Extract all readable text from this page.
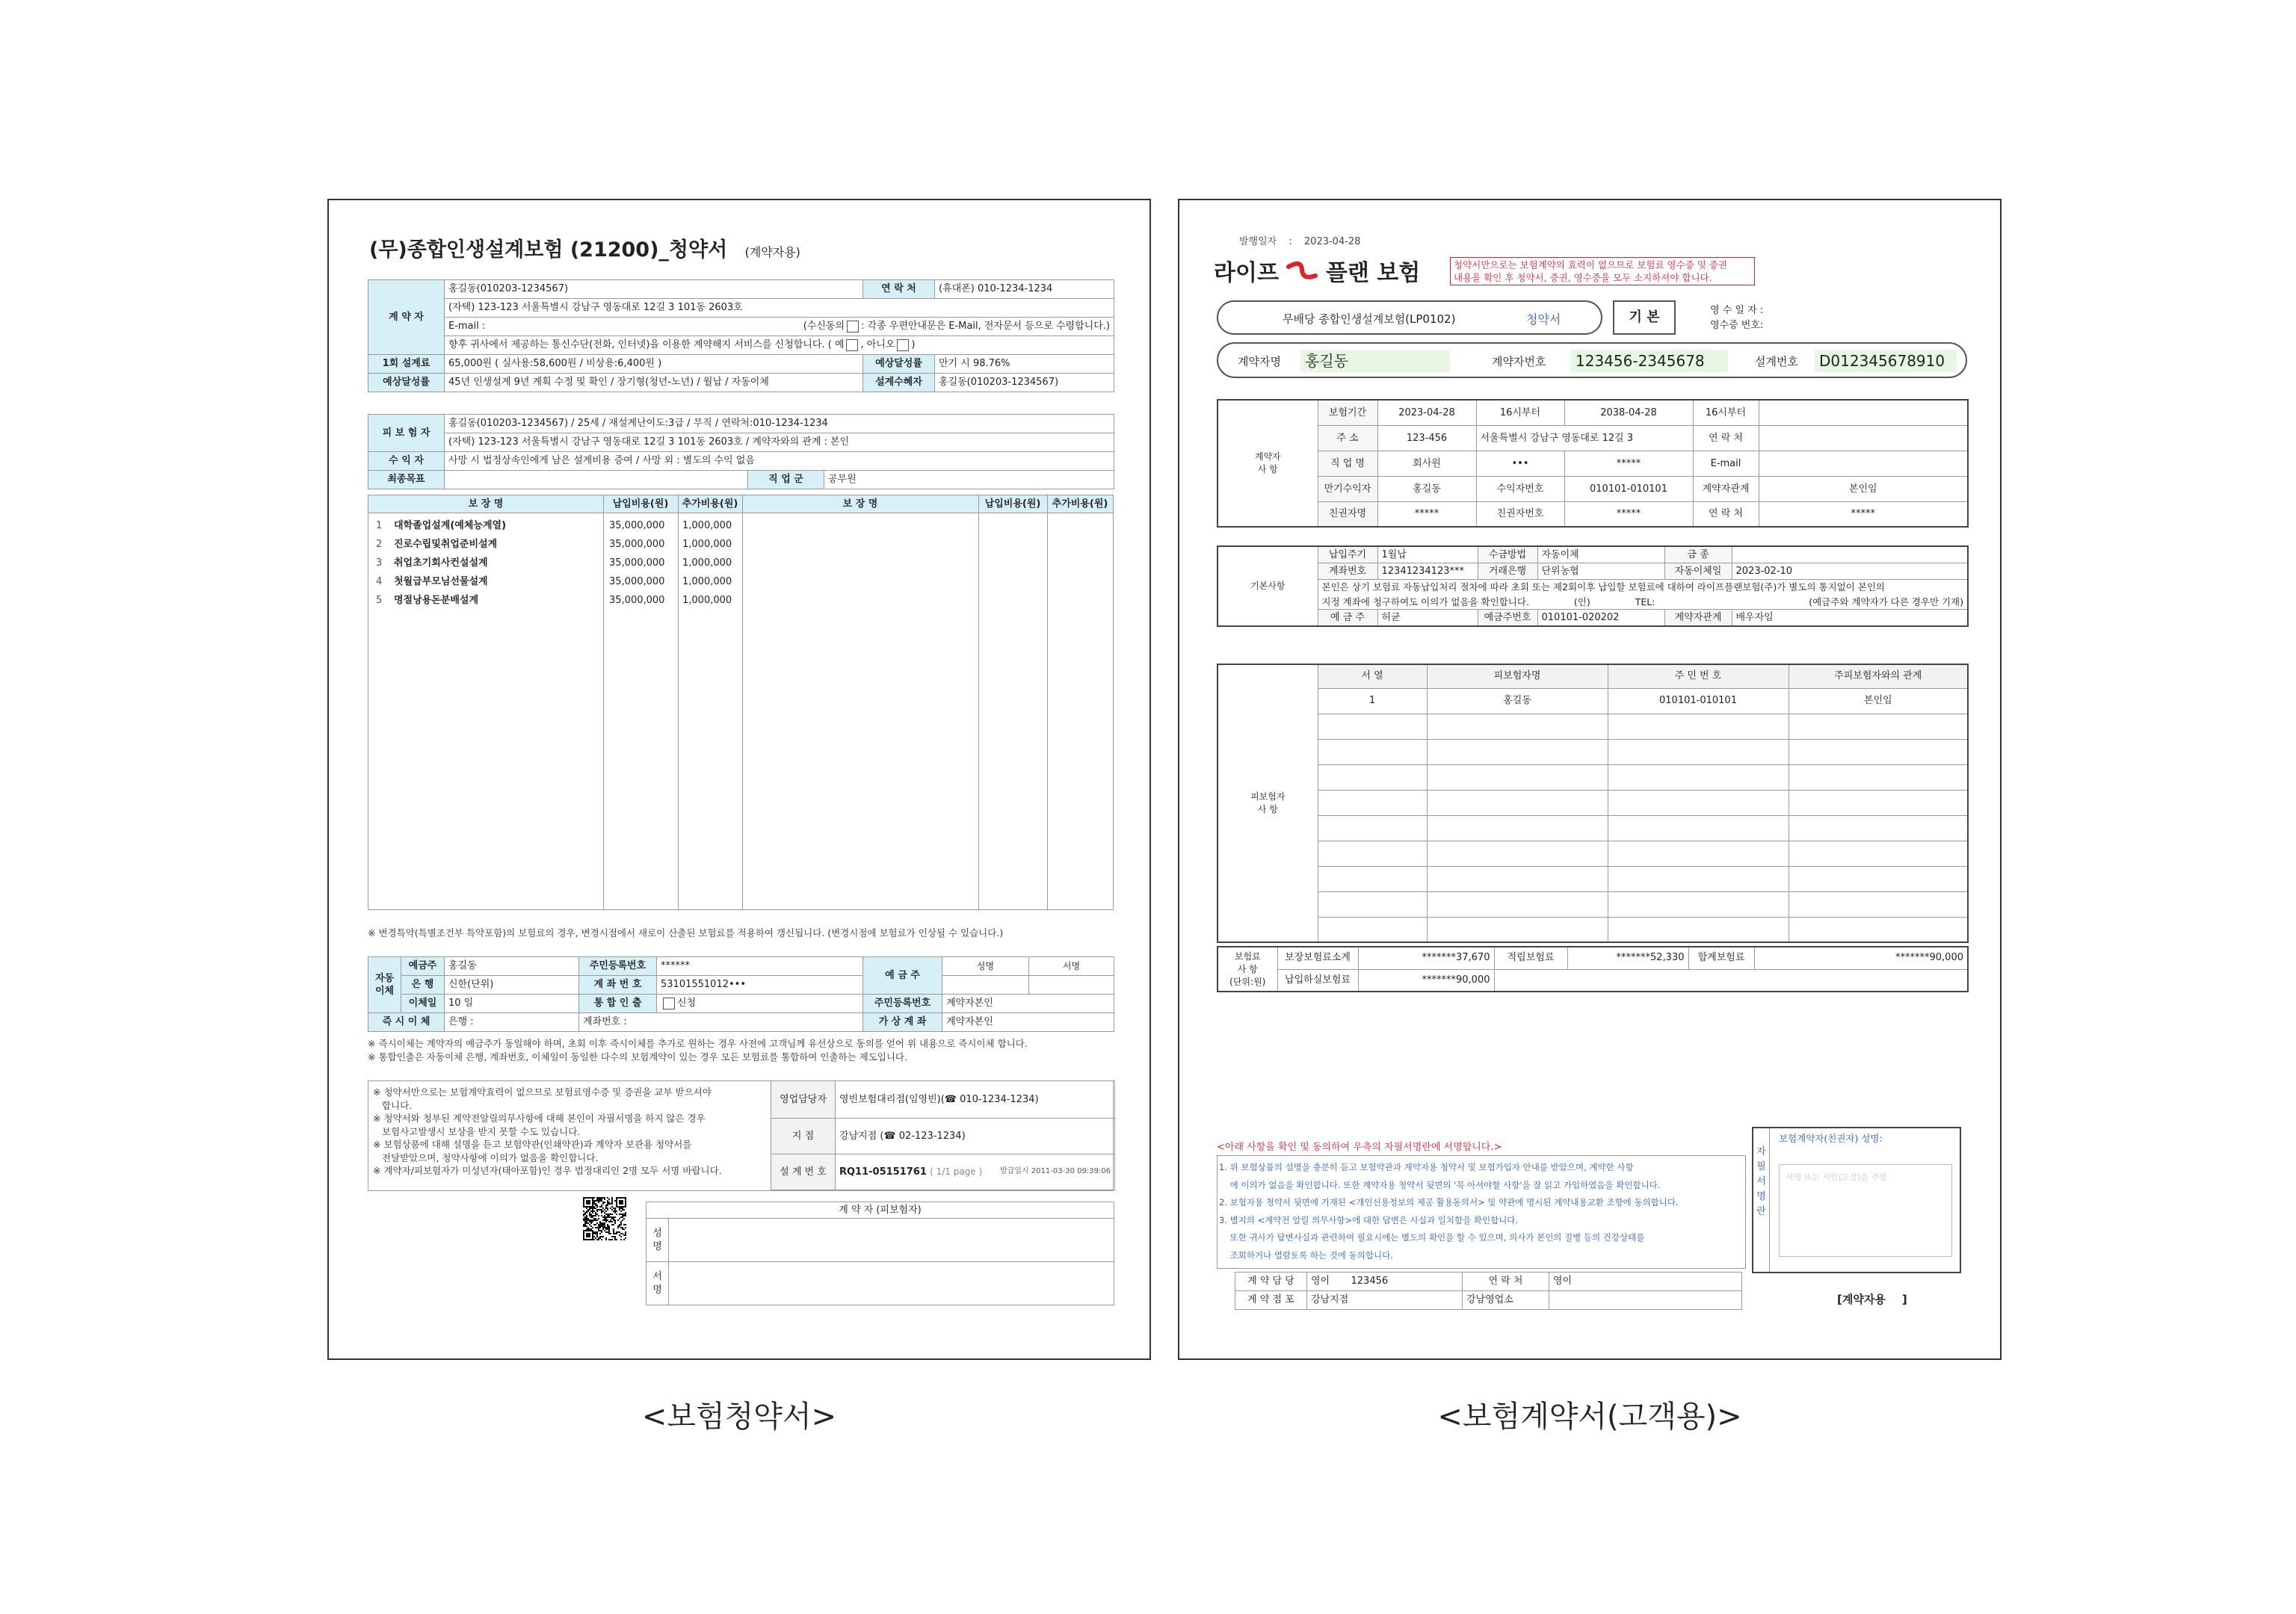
(무)종합인생설계보험 (21200)_청약서 (계약자용)
계 약 자	홍길동(010203-1234567)	연 락 처	(휴대폰) 010-1234-1234
	(자택) 123-123 서울특별시 강남구 영동대로 12길 3 101동 2603호		
	E-mail : (수신동의 : 각종 우편안내문은 E-Mail, 전자문서 등으로 수령합니다.)		

	향후 귀사에서 제공하는 통신수단(전화, 인터넷)을 이용한 계약해지 서비스를 신청합니다. ( 예 , 아니오 )		
1회 설계료	65,000원 ( 실사용:58,600원 / 비상용:6,400원 )	예상달성률	만기 시 98.76%
예상달성률	45년 인생설계 9년 계획 수정 및 확인 / 장기형(청년-노년) / 월납 / 자동이체	설계수혜자	홍길동(010203-1234567)
피 보 험 자	홍길동(010203-1234567) / 25세 / 재설계난이도:3급 / 무직 / 연락처:010-1234-1234		
	(자택) 123-123 서울특별시 강남구 영동대로 12길 3 101동 2603호 / 계약자와의 관계 : 본인		
수 익 자	사망 시 법정상속인에게 남은 설계비용 증여 / 사망 외 : 별도의 수익 없음		
최종목표		직 업 군	공무원
보 장 명	납입비용(원)	추가비용(원)	보 장 명	납입비용(원)	추가비용(원)
1 대학졸업설계(예체능계열)	35,000,000 1,000,000
2 진로수립및취업준비설계	35,000,000 1,000,000
3 취업초기회사컨설설계	35,000,000 1,000,000
4 첫월급부모님선물설계	35,000,000 1,000,000
5 명절낭용돈분배설계	35,000,000 1,000,000
※ 변경특약(특별조건부 특약포함)의 보험료의 경우, 변경시점에서 새로이 산출된 보험료를 적용하여 갱신됩니다. (변경시점에 보험료가 인상될 수 있습니다.)
자동
이체	예금주	홍길동	주민등록번호	******	예 금 주	성명	서명
	은 행	신한(단위)	계 좌 번 호	53101551012•••			
	이체일	10 일	통 합 인 출	신청	주민등록번호	계약자본인	
즉 시 이 체		은행 :	계좌번호 :		가 상 계 좌	계약자본인	
※ 즉시이체는 계약자의 예금주가 동일해야 하며, 초회 이후 즉시이체를 추가로 원하는 경우 사전에 고객님께 유선상으로 동의를 얻어 위 내용으로 즉시이체 합니다.
※ 통합인출은 자동이체 은행, 계좌번호, 이체일이 동일한 다수의 보험계약이 있는 경우 모든 보험료를 통합하여 인출하는 제도입니다.
※ 청약서만으로는 보험계약효력이 없으므로 보험료영수증 및 증권을 교부 받으셔야
합니다.
※ 청약서와 청부된 계약전알릴의무사항에 대해 본인이 자필서명을 하지 않은 경우
보험사고발생시 보상을 받지 못할 수도 있습니다.
※ 보험상품에 대해 설명을 듣고 보험약관(인쇄약관)과 계약자 보관용 청약서를
전달받았으며, 청약사항에 이의가 없음을 확인합니다.
※ 계약자/피보험자가 미성년자(태아포함)인 경우 법정대리인 2명 모두 서명 바랍니다.
영업담당자	영빈보험대리점(임영빈)(☎ 010-1234-1234)
지 점	강남지점 (☎ 02-123-1234)
설 계 번 호	RQ11-05151761 ( 1/1 page ) 발급일시 2011-03-30 09:39:06
계 약 자 (피보험자)	
성
명	
서
명	
발행일자 : 2023-04-28
라이프 플랜 보험	청약서만으로는 보험계약의 효력이 없으므로 보험료 영수증 및 증권
내용을 확인 후 청약서, 증권, 영수증을 모두 소지하셔야 합니다.
무배당 종합인생설계보험(LP0102)	청약서	기 본	영 수 일 자 :
영수증 번호:
계약자명	홍길동	계약자번호	123456-2345678	설계번호	D012345678910
계약자
사 항	보험기간	2023-04-28	16시부터	2038-04-28	16시부터	
	주 소	123-456	서울특별시 강남구 영동대로 12길 3		연 락 처	
	직 업 명	회사원	•••	*****	E-mail	
	만기수익자	홍길동	수익자번호	010101-010101	계약자관계	본인임
	친권자명	*****	친권자번호	*****	연 락 처	*****
기본사항	납입주기	1월납	수금방법	자동이체	금 종	
	계좌번호	12341234123***	거래은행	단위농협	자동이체일	2023-02-10
	본인은 상기 보험료 자동납입처리 절차에 따라 초회 또는 제2회이후 납입할 보험료에 대하여 라이프플랜보험(주)가 별도의 통지없이 본인의					
	지정 계좌에 청구하여도 이의가 없음을 확인합니다. (인) TEL: (예금주와 계약자가 다른 경우만 기재)					

	예 금 주	허균	예금주번호	010101-020202	계약자관계	배우자임
피보험자
사 항	서 열	피보험자명	주 민 번 호	주피보험자와의 관계
	1	홍길동	010101-010101	본인임

보험료
사 항
(단위:원)	보장보험료소계	*******37,670	적립보험료	*******52,330	합계보험료	*******90,000
	납입하실보험료	*******90,000				
<아래 사항을 확인 및 동의하여 우측의 자필서명란에 서명합니다.>
1. 위 보험상품의 설명을 충분히 듣고 보험약관과 계약자용 청약서 및 보험가입자 안내를 받았으며, 계약한 사항
에 이의가 없음을 확인합니다. 또한 계약자용 청약서 뒷면의 '꼭 아셔야할 사항'을 잘 읽고 가입하였음을 확인합니다.
2. 보험자용 청약서 뒷면에 기재된 <개인신용정보의 제공 활용동의서> 및 약관에 명시된 계약내용교환 조항에 동의합니다.
3. 별지의 <계약전 알릴 의무사항>에 대한 답변은 사실과 일치함을 확인합니다.
또한 귀사가 답변사실과 관련하여 필요시에는 별도의 확인을 할 수 있으며, 의사가 본인의 질병 등의 건강상태를
조회하거나 열람토록 하는 것에 동의합니다.
자
필
서
명
란
보험계약자(친권자) 성명:
서명 또는 서인(도장)을 주함
계 약 담 당	영이	123456	연 락 처	영이
계 약 점 포	강남지점		강남영업소		[계약자용 ]
<보험청약서>	<보험계약서(고객용)>
